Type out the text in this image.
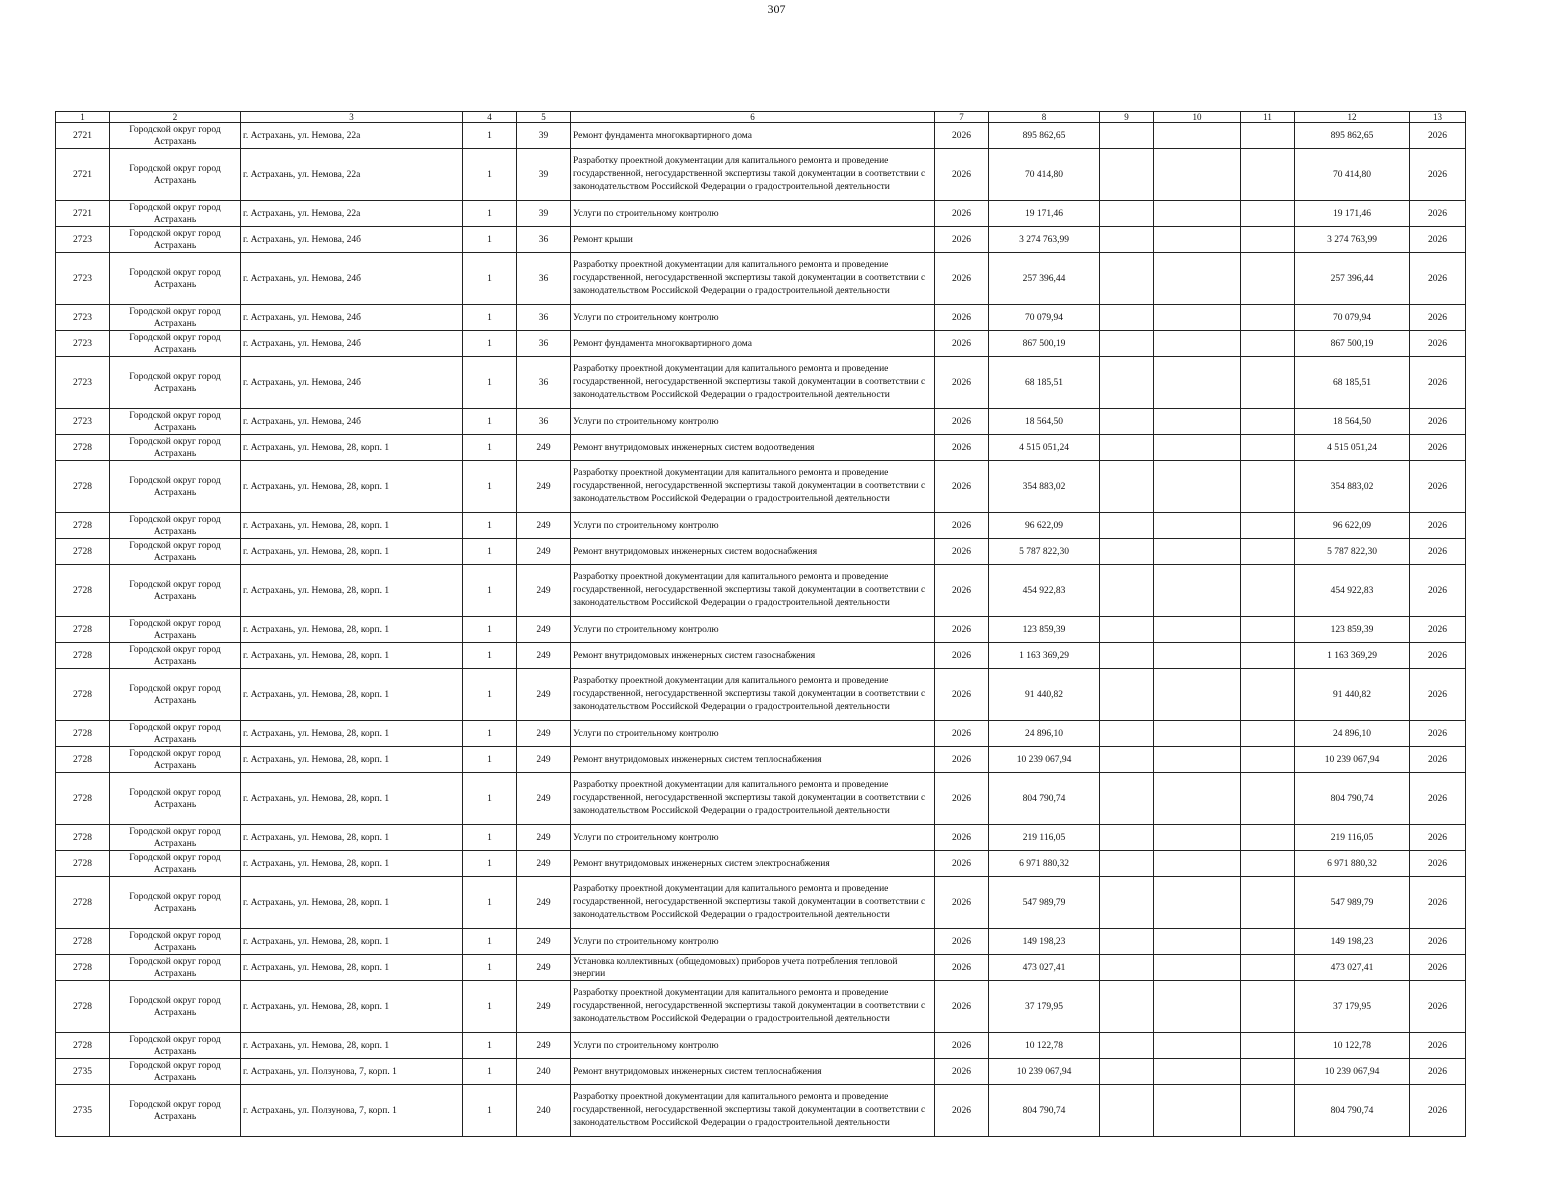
307
1	2	3	4	5	6	7	8	9	10	11	12	13
2721	Городской округ город Астрахань	г. Астрахань, ул. Немова, 22а	1	39	Ремонт фундамента многоквартирного дома	2026	895 862,65				895 862,65	2026
2721	Городской округ город Астрахань	г. Астрахань, ул. Немова, 22а	1	39	Разработку проектной документации для капитального ремонта и проведение государственной, негосударственной экспертизы такой документации в соответствии с законодательством Российской Федерации о градостроительной деятельности	2026	70 414,80				70 414,80	2026
2721	Городской округ город Астрахань	г. Астрахань, ул. Немова, 22а	1	39	Услуги по строительному контролю	2026	19 171,46				19 171,46	2026
2723	Городской округ город Астрахань	г. Астрахань, ул. Немова, 24б	1	36	Ремонт крыши	2026	3 274 763,99				3 274 763,99	2026
2723	Городской округ город Астрахань	г. Астрахань, ул. Немова, 24б	1	36	Разработку проектной документации для капитального ремонта и проведение государственной, негосударственной экспертизы такой документации в соответствии с законодательством Российской Федерации о градостроительной деятельности	2026	257 396,44				257 396,44	2026
2723	Городской округ город Астрахань	г. Астрахань, ул. Немова, 24б	1	36	Услуги по строительному контролю	2026	70 079,94				70 079,94	2026
2723	Городской округ город Астрахань	г. Астрахань, ул. Немова, 24б	1	36	Ремонт фундамента многоквартирного дома	2026	867 500,19				867 500,19	2026
2723	Городской округ город Астрахань	г. Астрахань, ул. Немова, 24б	1	36	Разработку проектной документации для капитального ремонта и проведение государственной, негосударственной экспертизы такой документации в соответствии с законодательством Российской Федерации о градостроительной деятельности	2026	68 185,51				68 185,51	2026
2723	Городской округ город Астрахань	г. Астрахань, ул. Немова, 24б	1	36	Услуги по строительному контролю	2026	18 564,50				18 564,50	2026
2728	Городской округ город Астрахань	г. Астрахань, ул. Немова, 28, корп. 1	1	249	Ремонт внутридомовых инженерных систем водоотведения	2026	4 515 051,24				4 515 051,24	2026
2728	Городской округ город Астрахань	г. Астрахань, ул. Немова, 28, корп. 1	1	249	Разработку проектной документации для капитального ремонта и проведение государственной, негосударственной экспертизы такой документации в соответствии с законодательством Российской Федерации о градостроительной деятельности	2026	354 883,02				354 883,02	2026
2728	Городской округ город Астрахань	г. Астрахань, ул. Немова, 28, корп. 1	1	249	Услуги по строительному контролю	2026	96 622,09				96 622,09	2026
2728	Городской округ город Астрахань	г. Астрахань, ул. Немова, 28, корп. 1	1	249	Ремонт внутридомовых инженерных систем водоснабжения	2026	5 787 822,30				5 787 822,30	2026
2728	Городской округ город Астрахань	г. Астрахань, ул. Немова, 28, корп. 1	1	249	Разработку проектной документации для капитального ремонта и проведение государственной, негосударственной экспертизы такой документации в соответствии с законодательством Российской Федерации о градостроительной деятельности	2026	454 922,83				454 922,83	2026
2728	Городской округ город Астрахань	г. Астрахань, ул. Немова, 28, корп. 1	1	249	Услуги по строительному контролю	2026	123 859,39				123 859,39	2026
2728	Городской округ город Астрахань	г. Астрахань, ул. Немова, 28, корп. 1	1	249	Ремонт внутридомовых инженерных систем газоснабжения	2026	1 163 369,29				1 163 369,29	2026
2728	Городской округ город Астрахань	г. Астрахань, ул. Немова, 28, корп. 1	1	249	Разработку проектной документации для капитального ремонта и проведение государственной, негосударственной экспертизы такой документации в соответствии с законодательством Российской Федерации о градостроительной деятельности	2026	91 440,82				91 440,82	2026
2728	Городской округ город Астрахань	г. Астрахань, ул. Немова, 28, корп. 1	1	249	Услуги по строительному контролю	2026	24 896,10				24 896,10	2026
2728	Городской округ город Астрахань	г. Астрахань, ул. Немова, 28, корп. 1	1	249	Ремонт внутридомовых инженерных систем теплоснабжения	2026	10 239 067,94				10 239 067,94	2026
2728	Городской округ город Астрахань	г. Астрахань, ул. Немова, 28, корп. 1	1	249	Разработку проектной документации для капитального ремонта и проведение государственной, негосударственной экспертизы такой документации в соответствии с законодательством Российской Федерации о градостроительной деятельности	2026	804 790,74				804 790,74	2026
2728	Городской округ город Астрахань	г. Астрахань, ул. Немова, 28, корп. 1	1	249	Услуги по строительному контролю	2026	219 116,05				219 116,05	2026
2728	Городской округ город Астрахань	г. Астрахань, ул. Немова, 28, корп. 1	1	249	Ремонт внутридомовых инженерных систем электроснабжения	2026	6 971 880,32				6 971 880,32	2026
2728	Городской округ город Астрахань	г. Астрахань, ул. Немова, 28, корп. 1	1	249	Разработку проектной документации для капитального ремонта и проведение государственной, негосударственной экспертизы такой документации в соответствии с законодательством Российской Федерации о градостроительной деятельности	2026	547 989,79				547 989,79	2026
2728	Городской округ город Астрахань	г. Астрахань, ул. Немова, 28, корп. 1	1	249	Услуги по строительному контролю	2026	149 198,23				149 198,23	2026
2728	Городской округ город Астрахань	г. Астрахань, ул. Немова, 28, корп. 1	1	249	Установка коллективных (общедомовых) приборов учета потребления тепловой энергии	2026	473 027,41				473 027,41	2026
2728	Городской округ город Астрахань	г. Астрахань, ул. Немова, 28, корп. 1	1	249	Разработку проектной документации для капитального ремонта и проведение государственной, негосударственной экспертизы такой документации в соответствии с законодательством Российской Федерации о градостроительной деятельности	2026	37 179,95				37 179,95	2026
2728	Городской округ город Астрахань	г. Астрахань, ул. Немова, 28, корп. 1	1	249	Услуги по строительному контролю	2026	10 122,78				10 122,78	2026
2735	Городской округ город Астрахань	г. Астрахань, ул. Ползунова, 7, корп. 1	1	240	Ремонт внутридомовых инженерных систем теплоснабжения	2026	10 239 067,94				10 239 067,94	2026
2735	Городской округ город Астрахань	г. Астрахань, ул. Ползунова, 7, корп. 1	1	240	Разработку проектной документации для капитального ремонта и проведение государственной, негосударственной экспертизы такой документации в соответствии с законодательством Российской Федерации о градостроительной деятельности	2026	804 790,74				804 790,74	2026
